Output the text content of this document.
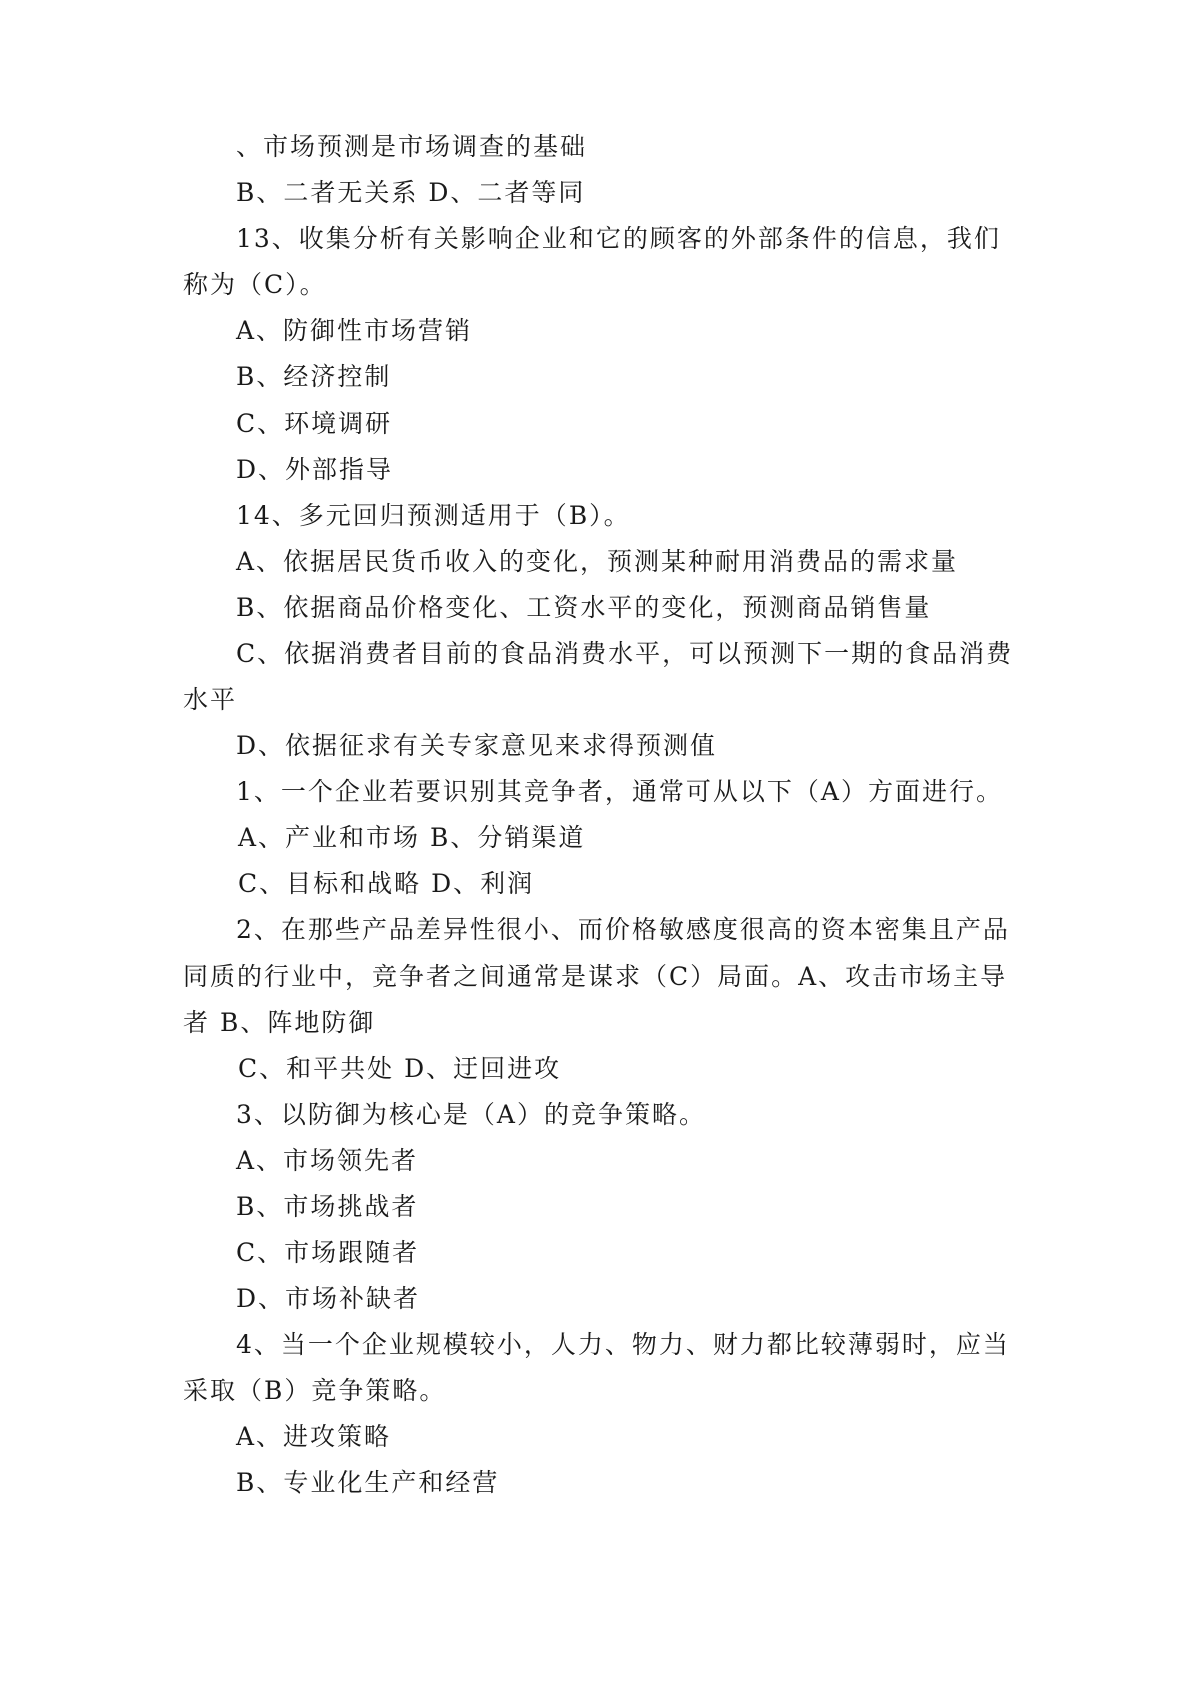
、市场预测是市场调查的基础
B、二者无关系 D、二者等同
13、收集分析有关影响企业和它的顾客的外部条件的信息，我们
称为（C）。
A、防御性市场营销
B、经济控制
C、环境调研
D、外部指导
14、多元回归预测适用于（B）。
A、依据居民货币收入的变化，预测某种耐用消费品的需求量
B、依据商品价格变化、工资水平的变化，预测商品销售量
C、依据消费者目前的食品消费水平，可以预测下一期的食品消费
水平
D、依据征求有关专家意见来求得预测值
1、一个企业若要识别其竞争者，通常可从以下（A）方面进行。
A、产业和市场 B、分销渠道
C、目标和战略 D、利润
2、在那些产品差异性很小、而价格敏感度很高的资本密集且产品
同质的行业中，竞争者之间通常是谋求（C）局面。A、攻击市场主导
者 B、阵地防御
C、和平共处 D、迂回进攻
3、以防御为核心是（A）的竞争策略。
A、市场领先者
B、市场挑战者
C、市场跟随者
D、市场补缺者
4、当一个企业规模较小，人力、物力、财力都比较薄弱时，应当
采取（B）竞争策略。
A、进攻策略
B、专业化生产和经营
